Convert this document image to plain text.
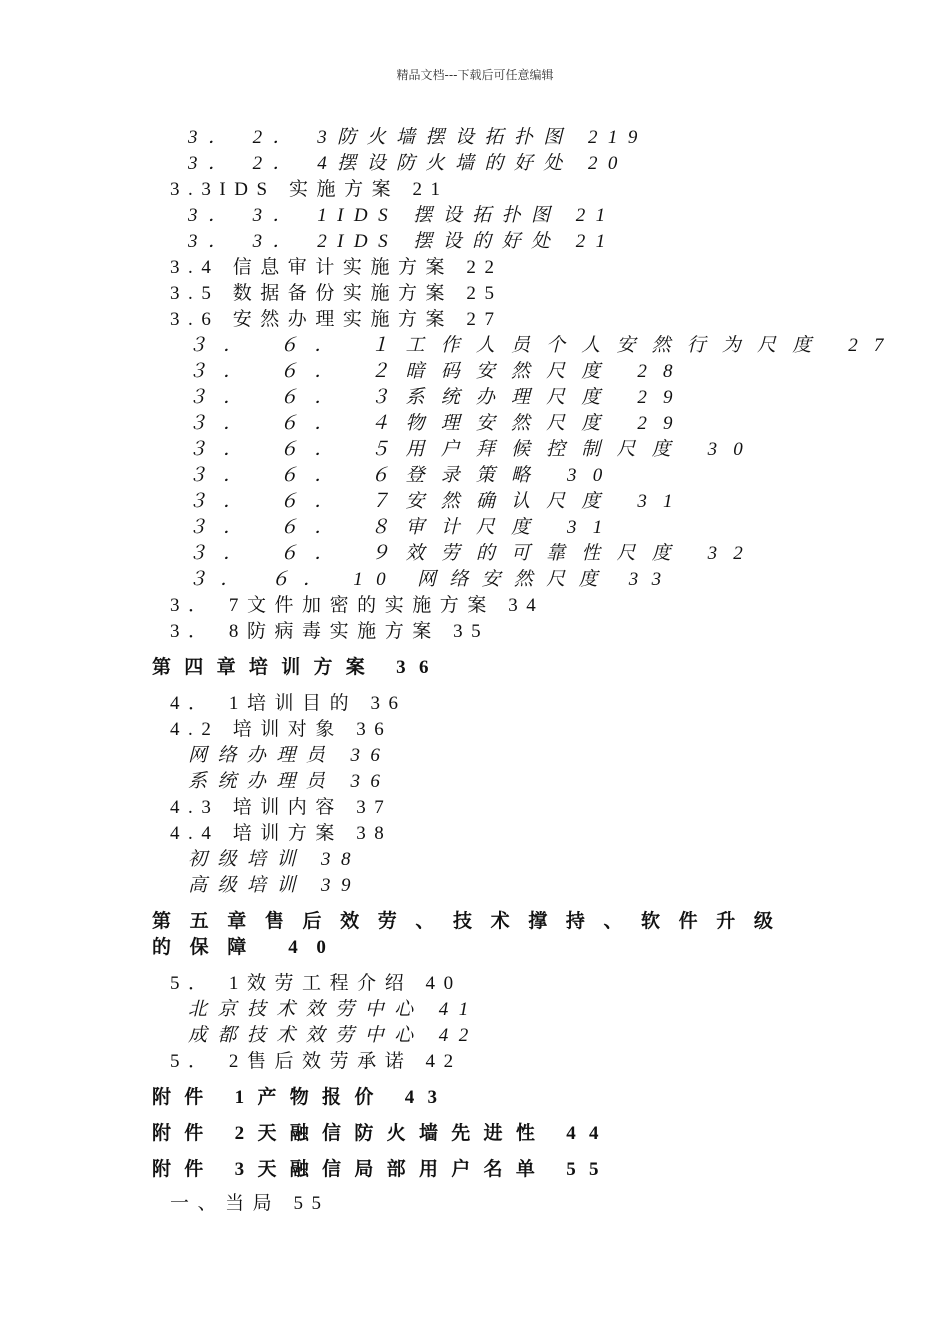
精品文档---下载后可任意编辑
3． 2． 3防火墙摆设拓扑图 219
3． 2． 4摆设防火墙的好处 20
3.3IDS 实施方案 21
3． 3． 1IDS 摆设拓扑图 21
3． 3． 2IDS 摆设的好处 21
3.4 信息审计实施方案 22
3.5 数据备份实施方案 25
3.6 安然办理实施方案 27
３． ６． １工作人员个人安然行为尺度 27
３． ６． ２暗码安然尺度 28
３． ６． ３系统办理尺度 29
３． ６． ４物理安然尺度 29
３． ６． ５用户拜候控制尺度 30
３． ６． ６登录策略 30
３． ６． ７安然确认尺度 31
３． ６． ８审计尺度 31
３． ６． ９效劳的可靠性尺度 32
３． ６． 10 网络安然尺度 33
3． 7文件加密的实施方案 34
3． 8防病毒实施方案 35
第四章培训方案 36
4． 1培训目的 36
4.2 培训对象 36
网络办理员 36
系统办理员 36
4.3 培训内容 37
4.4 培训方案 38
初级培训 38
高级培训 39
第五章售后效劳、技术撑持、软件升级的保障 40
5． 1效劳工程介绍 40
北京技术效劳中心 41
成都技术效劳中心 42
5． 2售后效劳承诺 42
附件 1产物报价 43
附件 2天融信防火墙先进性 44
附件 3天融信局部用户名单 55
一、当局 55
